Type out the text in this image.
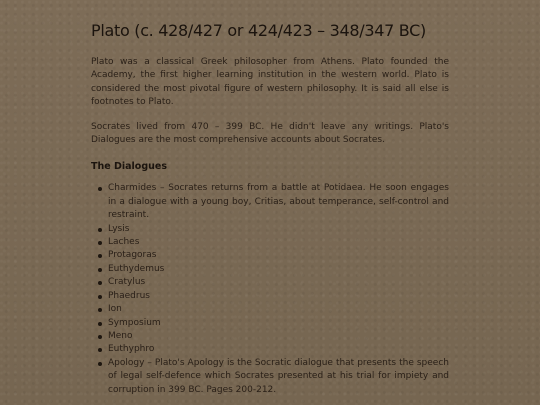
Plato (c. 428/427 or 424/423 – 348/347 BC)

Plato was a classical Greek philosopher from Athens. Plato founded the Academy, the first higher learning institution in the western world. Plato is considered the most pivotal figure of western philosophy. It is said all else is footnotes to Plato.

Socrates lived from 470 – 399 BC. He didn't leave any writings. Plato's Dialogues are the most comprehensive accounts about Socrates.

The Dialogues
Charmides – Socrates returns from a battle at Potidaea. He soon engages in a dialogue with a young boy, Critias, about temperance, self-control and restraint.
Lysis
Laches
Protagoras
Euthydemus
Cratylus
Phaedrus
Ion
Symposium
Meno
Euthyphro
Apology – Plato's Apology is the Socratic dialogue that presents the speech of legal self-defence which Socrates presented at his trial for impiety and corruption in 399 BC. Pages 200-212.
